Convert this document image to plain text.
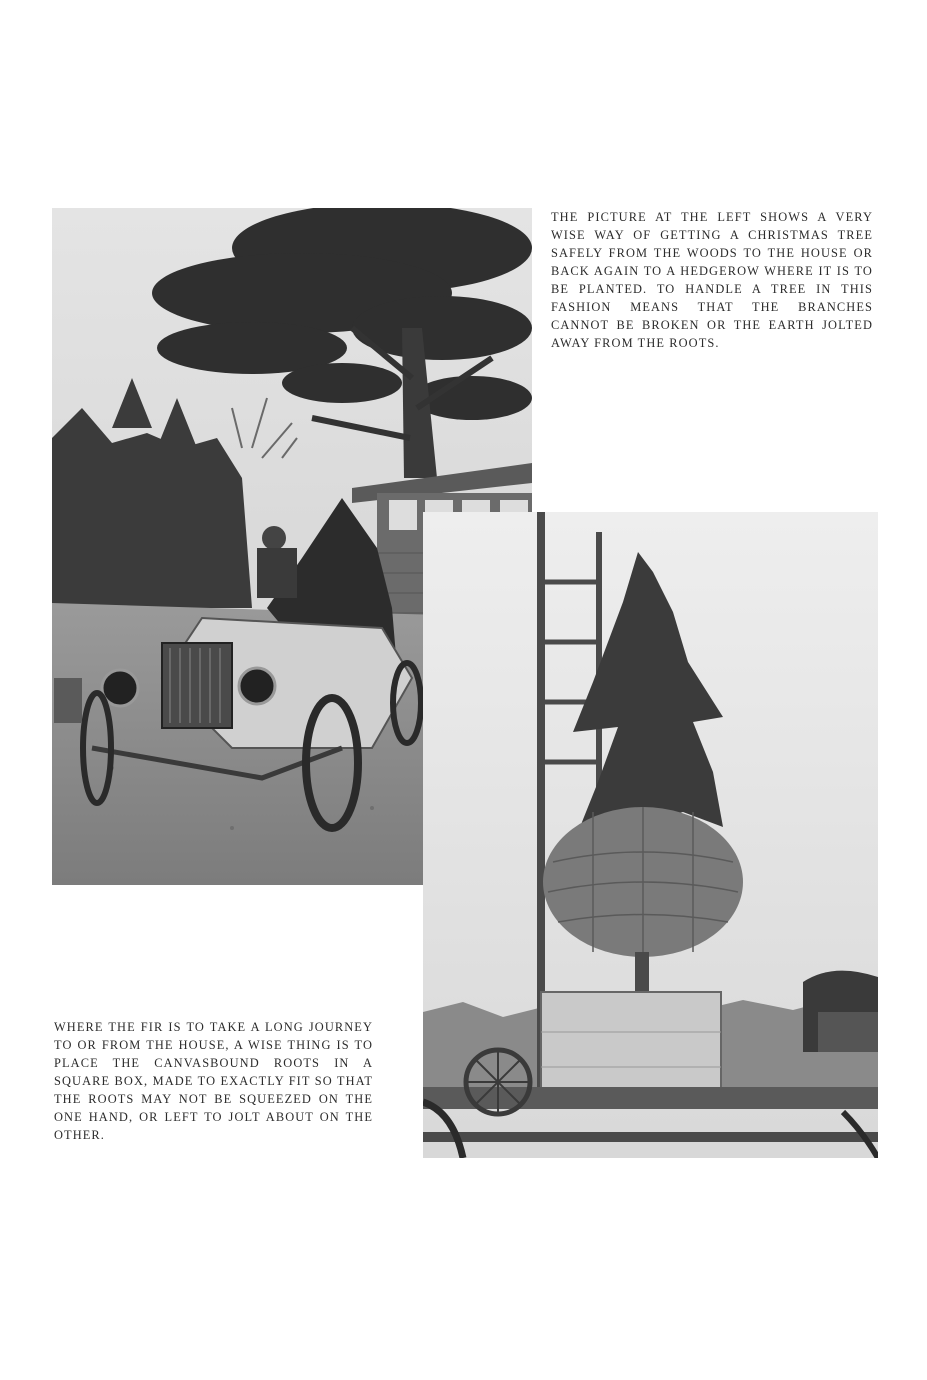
THE PICTURE AT THE LEFT SHOWS A VERY WISE WAY OF GETTING A CHRISTMAS TREE SAFELY FROM THE WOODS TO THE HOUSE OR BACK AGAIN TO A HEDGEROW WHERE IT IS TO BE PLANTED. TO HANDLE A TREE IN THIS FASHION MEANS THAT THE BRANCHES CANNOT BE BROKEN OR THE EARTH JOLTED AWAY FROM THE ROOTS.

WHERE THE FIR IS TO TAKE A LONG JOURNEY TO OR FROM THE HOUSE, A WISE THING IS TO PLACE THE CANVASBOUND ROOTS IN A SQUARE BOX, MADE TO EXACTLY FIT SO THAT THE ROOTS MAY NOT BE SQUEEZED ON THE ONE HAND, OR LEFT TO JOLT ABOUT ON THE OTHER.
